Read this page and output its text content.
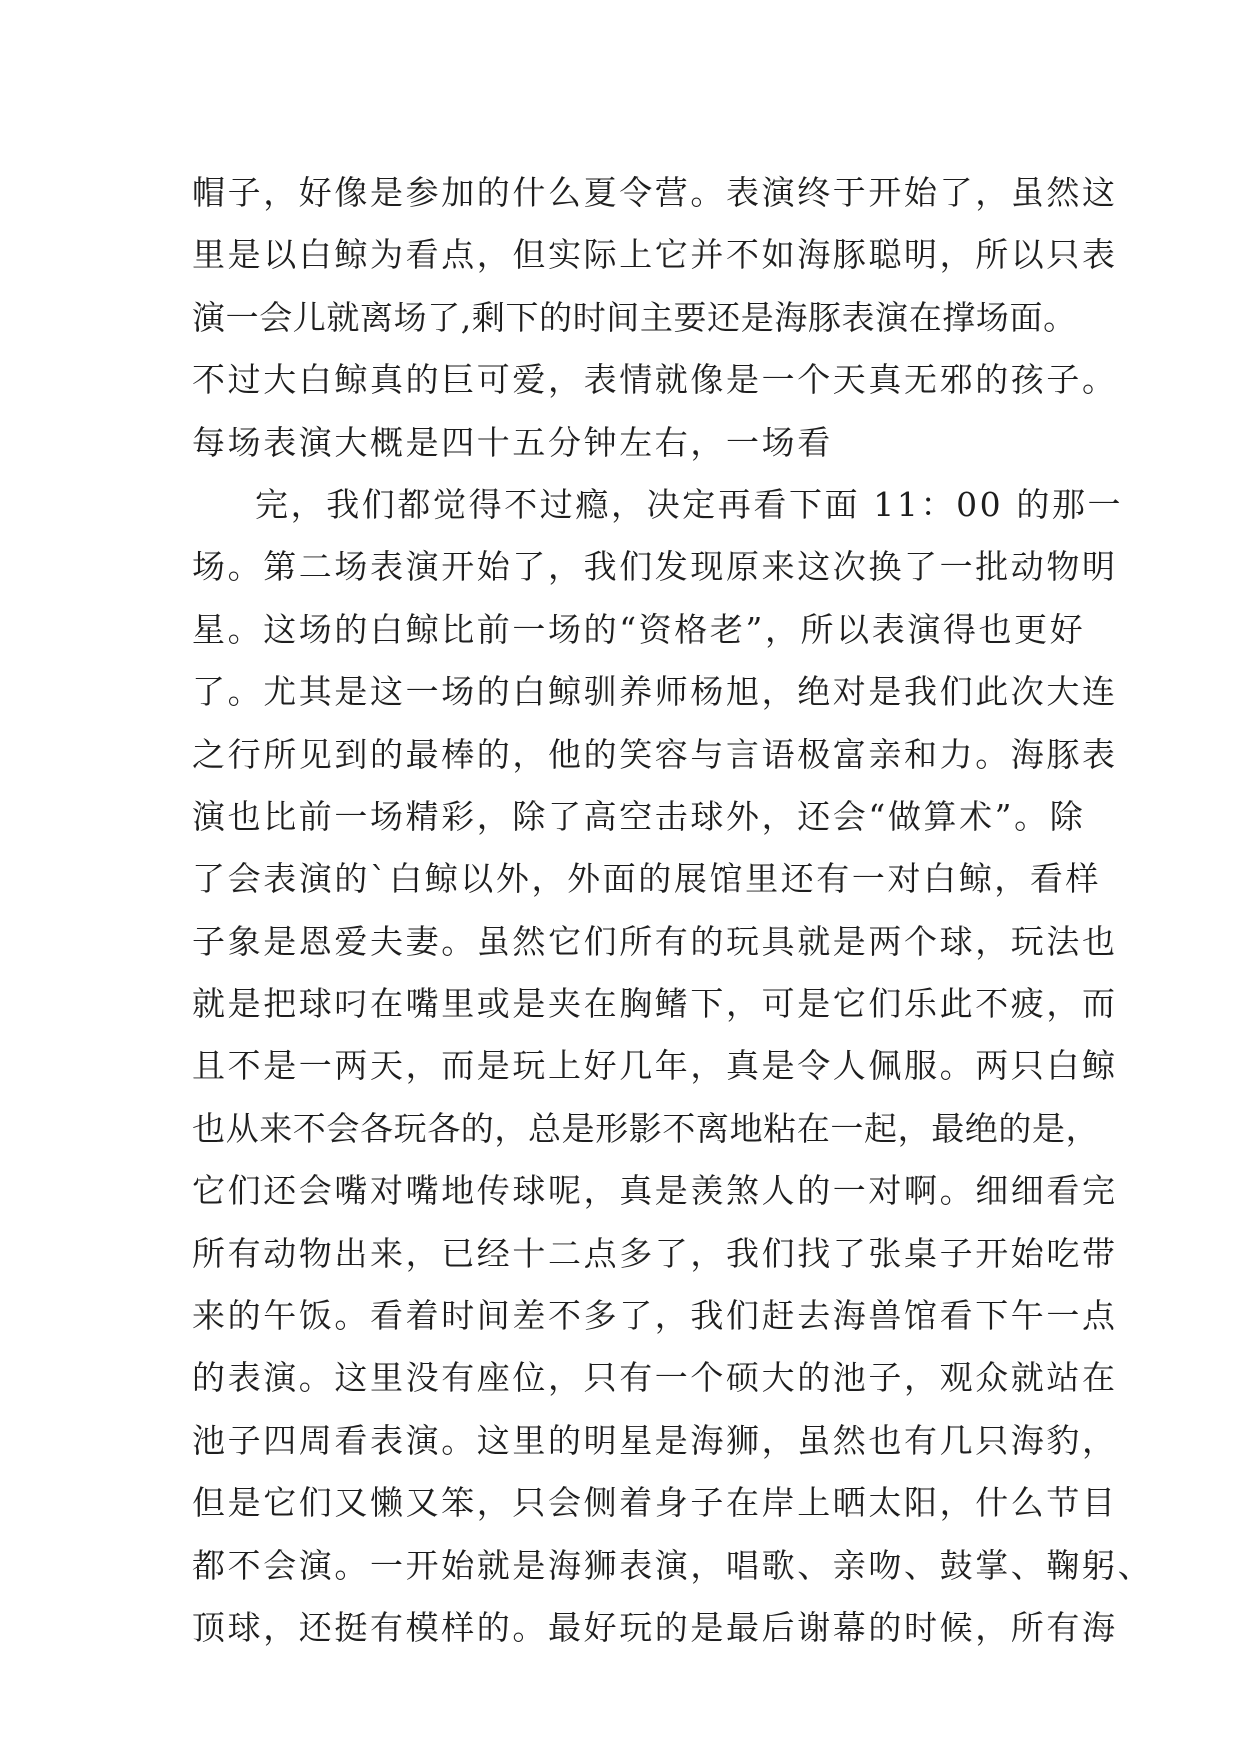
帽子，好像是参加的什么夏令营。表演终于开始了，虽然这
里是以白鲸为看点，但实际上它并不如海豚聪明，所以只表
演一会儿就离场了,剩下的时间主要还是海豚表演在撑场面。
不过大白鲸真的巨可爱，表情就像是一个天真无邪的孩子。
每场表演大概是四十五分钟左右，一场看
完，我们都觉得不过瘾，决定再看下面 11：00 的那一
场。第二场表演开始了，我们发现原来这次换了一批动物明
星。这场的白鲸比前一场的“资格老”，所以表演得也更好
了。尤其是这一场的白鲸驯养师杨旭，绝对是我们此次大连
之行所见到的最棒的，他的笑容与言语极富亲和力。海豚表
演也比前一场精彩，除了高空击球外，还会“做算术”。除
了会表演的`白鲸以外，外面的展馆里还有一对白鲸，看样
子象是恩爱夫妻。虽然它们所有的玩具就是两个球，玩法也
就是把球叼在嘴里或是夹在胸鳍下，可是它们乐此不疲，而
且不是一两天，而是玩上好几年，真是令人佩服。两只白鲸
也从来不会各玩各的，总是形影不离地粘在一起，最绝的是，
它们还会嘴对嘴地传球呢，真是羡煞人的一对啊。细细看完
所有动物出来，已经十二点多了，我们找了张桌子开始吃带
来的午饭。看着时间差不多了，我们赶去海兽馆看下午一点
的表演。这里没有座位，只有一个硕大的池子，观众就站在
池子四周看表演。这里的明星是海狮，虽然也有几只海豹，
但是它们又懒又笨，只会侧着身子在岸上晒太阳，什么节目
都不会演。一开始就是海狮表演，唱歌、亲吻、鼓掌、鞠躬、
顶球，还挺有模样的。最好玩的是最后谢幕的时候，所有海
